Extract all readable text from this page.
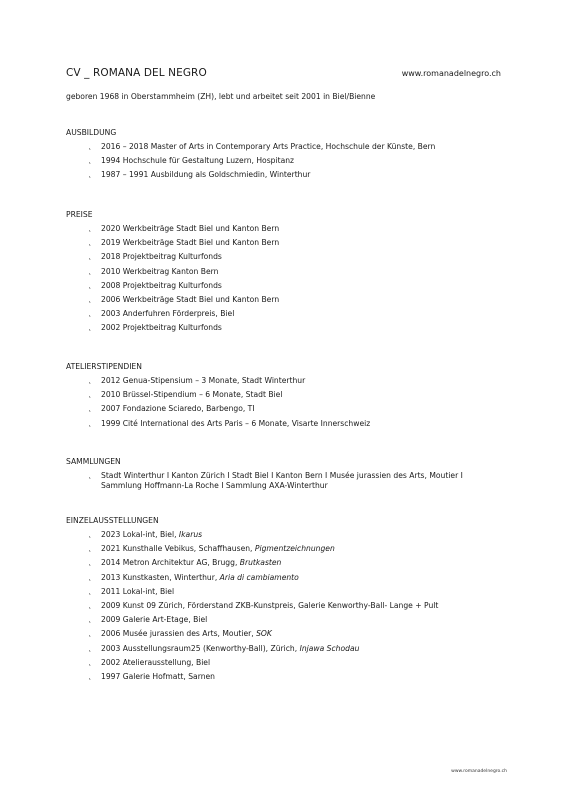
CV _ ROMANA DEL NEGRO	www.romanadelnegro.ch
geboren 1968 in Oberstammheim (ZH), lebt und arbeitet seit 2001 in Biel/Bienne
AUSBILDUNG
˛ 2016 – 2018 Master of Arts in Contemporary Arts Practice, Hochschule der Künste, Bern
˛ 1994 Hochschule für Gestaltung Luzern, Hospitanz
˛ 1987 – 1991 Ausbildung als Goldschmiedin, Winterthur
PREISE
˛ 2020 Werkbeiträge Stadt Biel und Kanton Bern
˛ 2019 Werkbeiträge Stadt Biel und Kanton Bern
˛ 2018 Projektbeitrag Kulturfonds
˛ 2010 Werkbeitrag Kanton Bern
˛ 2008 Projektbeitrag Kulturfonds
˛ 2006 Werkbeiträge Stadt Biel und Kanton Bern
˛ 2003 Anderfuhren Förderpreis, Biel
˛ 2002 Projektbeitrag Kulturfonds
ATELIERSTIPENDIEN
˛ 2012 Genua-Stipensium – 3 Monate, Stadt Winterthur
˛ 2010 Brüssel-Stipendium – 6 Monate, Stadt Biel
˛ 2007 Fondazione Sciaredo, Barbengo, TI
˛ 1999 Cité International des Arts Paris – 6 Monate, Visarte Innerschweiz
SAMMLUNGEN
˛ Stadt Winterthur I Kanton Zürich I Stadt Biel I Kanton Bern I Musée jurassien des Arts, Moutier I Sammlung Hoffmann-La Roche I Sammlung AXA-Winterthur
EINZELAUSSTELLUNGEN
˛ 2023 Lokal-int, Biel, Ikarus
˛ 2021 Kunsthalle Vebikus, Schaffhausen, Pigmentzeichnungen
˛ 2014 Metron Architektur AG, Brugg, Brutkasten
˛ 2013 Kunstkasten, Winterthur, Aria di cambiamento
˛ 2011 Lokal-int, Biel
˛ 2009 Kunst 09 Zürich, Förderstand ZKB-Kunstpreis, Galerie Kenworthy-Ball- Lange + Pult
˛ 2009 Galerie Art-Etage, Biel
˛ 2006 Musée jurassien des Arts, Moutier, SOK
˛ 2003 Ausstellungsraum25 (Kenworthy-Ball), Zürich, Injawa Schodau
˛ 2002 Atelierausstellung, Biel
˛ 1997 Galerie Hofmatt, Sarnen
www.romanadelnegro.ch
